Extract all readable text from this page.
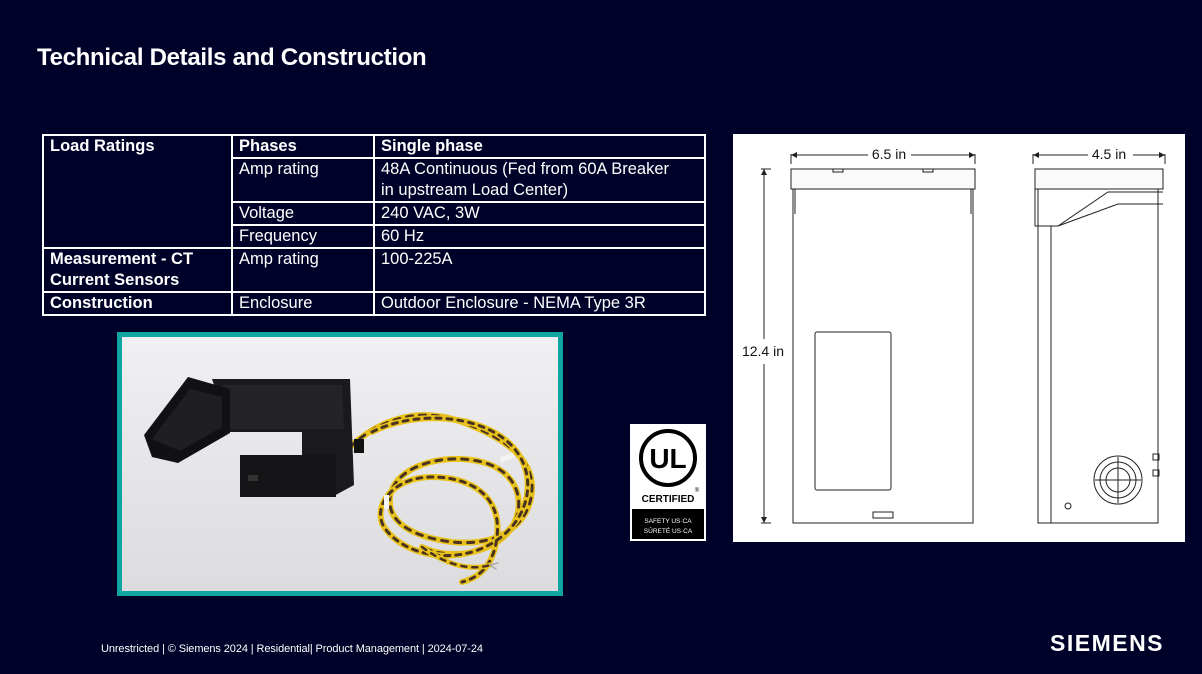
Technical Details and Construction
Load Ratings	Phases	Single phase
	Amp rating	48A Continuous (Fed from 60A Breaker
in upstream Load Center)
	Voltage	240 VAC, 3W
	Frequency	60 Hz
Measurement - CT
Current Sensors	Amp rating	100-225A
Construction	Enclosure	Outdoor Enclosure - NEMA Type 3R
UL
CERTIFIED
®
SAFETY US·CA
SÛRETÉ US·CA
6.5 in	4.5 in
12.4 in
Unrestricted | © Siemens 2024 | Residential| Product Management | 2024-07-24	SIEMENS
